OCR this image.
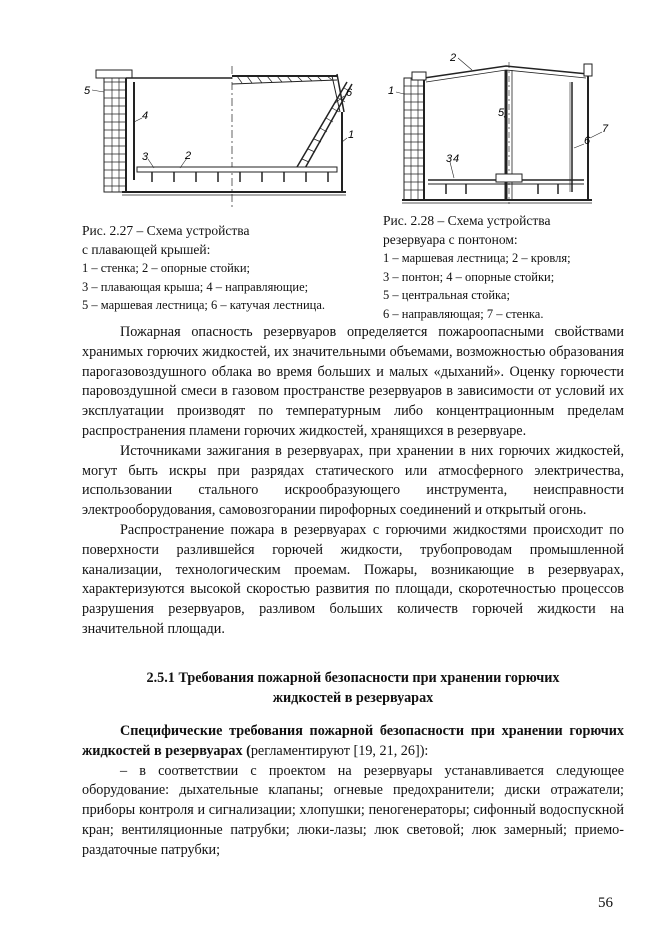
5
4
3	2
6
1
2
1
5
3 4
6
7
Рис. 2.27 – Схема устройства
с плавающей крышей:
1 – стенка; 2 – опорные стойки;
3 – плавающая крыша; 4 – направляющие;
5 – маршевая лестница; 6 – катучая лестница.
Рис. 2.28 – Схема устройства
резервуара с понтоном:
1 – маршевая лестница; 2 – кровля;
3 – понтон; 4 – опорные стойки;
5 – центральная стойка;
6 – направляющая; 7 – стенка.

Пожарная опасность резервуаров определяется пожароопасными свойствами хранимых горючих жидкостей, их значительными объемами, возможностью образования парогазовоздушного облака во время больших и малых «дыханий». Оценку горючести паровоздушной смеси в газовом пространстве резервуаров в зависимости от условий их эксплуатации производят по температурным либо концентрационным пределам распространения пламени горючих жидкостей, хранящихся в резервуаре.

Источниками зажигания в резервуарах, при хранении в них горючих жидкостей, могут быть искры при разрядах статического или атмосферного электричества, использовании стального искрообразующего инструмента, неисправности электрооборудования, самовозгорании пирофорных соединений и открытый огонь.

Распространение пожара в резервуарах с горючими жидкостями происходит по поверхности разлившейся горючей жидкости, трубопроводам промышленной канализации, технологическим проемам. Пожары, возникающие в резервуарах, характеризуются высокой скоростью развития по площади, скоротечностью процессов разрушения резервуаров, разливом больших количеств горючей жидкости на значительной площади.

2.5.1 Требования пожарной безопасности при хранении горючих
жидкостей в резервуарах

Специфические требования пожарной безопасности при хранении горючих жидкостей в резервуарах (регламентируют [19, 21, 26]):

– в соответствии с проектом на резервуары устанавливается следующее оборудование: дыхательные клапаны; огневые предохранители; диски отражатели; приборы контроля и сигнализации; хлопушки; пеногенераторы; сифонный водоспускной кран; вентиляционные патрубки; люки-лазы; люк световой; люк замерный; приемо-раздаточные патрубки;

56
